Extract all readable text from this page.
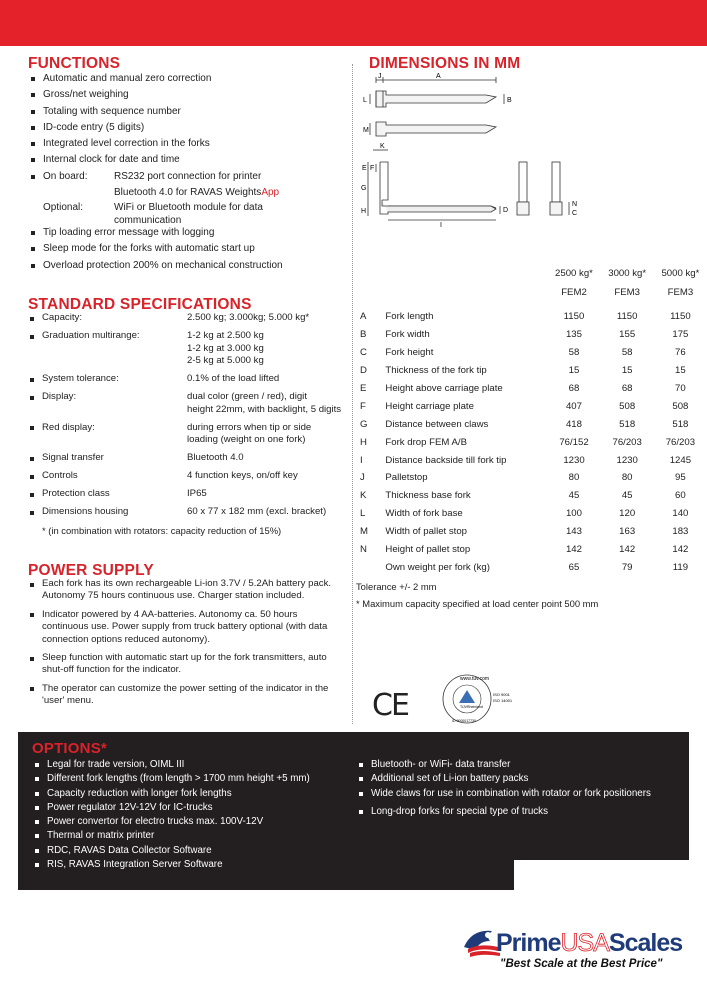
FUNCTIONS
Automatic and manual zero correction
Gross/net weighing
Totaling with sequence number
ID-code entry (5 digits)
Integrated level correction in the forks
Internal clock for date and time
On board:	RS232 port connection for printer
Bluetooth 4.0 for RAVAS WeightsApp
Optional:	WiFi or Bluetooth module for data
communication
Tip loading error message with logging
Sleep mode for the forks with automatic start up
Overload protection 200% on mechanical construction
STANDARD SPECIFICATIONS
Capacity:	2.500 kg; 3.000kg; 5.000 kg*
Graduation multirange:	1-2 kg at 2.500 kg
1-2 kg at 3.000 kg
2-5 kg at 5.000 kg
System tolerance:	0.1% of the load lifted
Display:	dual color (green / red), digit
height 22mm, with backlight, 5 digits
Red display:	during errors when tip or side
loading (weight on one fork)
Signal transfer	Bluetooth 4.0
Controls	4 function keys, on/off key
Protection class	IP65
Dimensions housing	60 x 77 x 182 mm (excl. bracket)
* (in combination with rotators: capacity reduction of 15%)
POWER SUPPLY
Each fork has its own rechargeable Li-ion 3.7V / 5.2Ah battery pack. Autonomy 75 hours continuous use. Charger station included.
Indicator powered by 4 AA-batteries. Autonomy ca. 50 hours continuous use. Power supply from truck battery optional (with data connection options reduced autonomy).
Sleep function with automatic start up for the fork transmitters, auto shut-off function for the indicator.
The operator can customize the power setting of the indicator in the 'user' menu.
DIMENSIONS IN MM
J	A
L	B
M
K
E F
G
H
I
D
N
C
		2500 kg*	3000 kg*	5000 kg*
		FEM2	FEM3	FEM3

A	Fork length	1150	1150	1150
B	Fork width	135	155	175
C	Fork height	58	58	76
D	Thickness of the fork tip	15	15	15
E	Height above carriage plate	68	68	70
F	Height carriage plate	407	508	508
G	Distance between claws	418	518	518
H	Fork drop FEM A/B	76/152	76/203	76/203
I	Distance backside till fork tip	1230	1230	1245
J	Palletstop	80	80	95
K	Thickness base fork	45	45	60
L	Width of fork base	100	120	140
M	Width of pallet stop	143	163	183
N	Height of pallet stop	142	142	142
	Own weight per fork (kg)	65	79	119
Tolerance +/- 2 mm
* Maximum capacity specified at load center point 500 mm
CE
www.tuv.com
TÜVRheinland
ID 9000017730
ISO 9001
ISO 14001
OPTIONS*
Legal for trade version, OIML III
Different fork lengths (from length > 1700 mm height +5 mm)
Capacity reduction with longer fork lengths
Power regulator 12V-12V for IC-trucks
Power convertor for electro trucks max. 100V-12V
Thermal or matrix printer
RDC, RAVAS Data Collector Software
RIS, RAVAS Integration Server Software
Bluetooth- or WiFi- data transfer
Additional set of Li-ion battery packs
Wide claws for use in combination with rotator or fork positioners
Long-drop forks for special type of trucks
PrimeUSAScales
"Best Scale at the Best Price"
